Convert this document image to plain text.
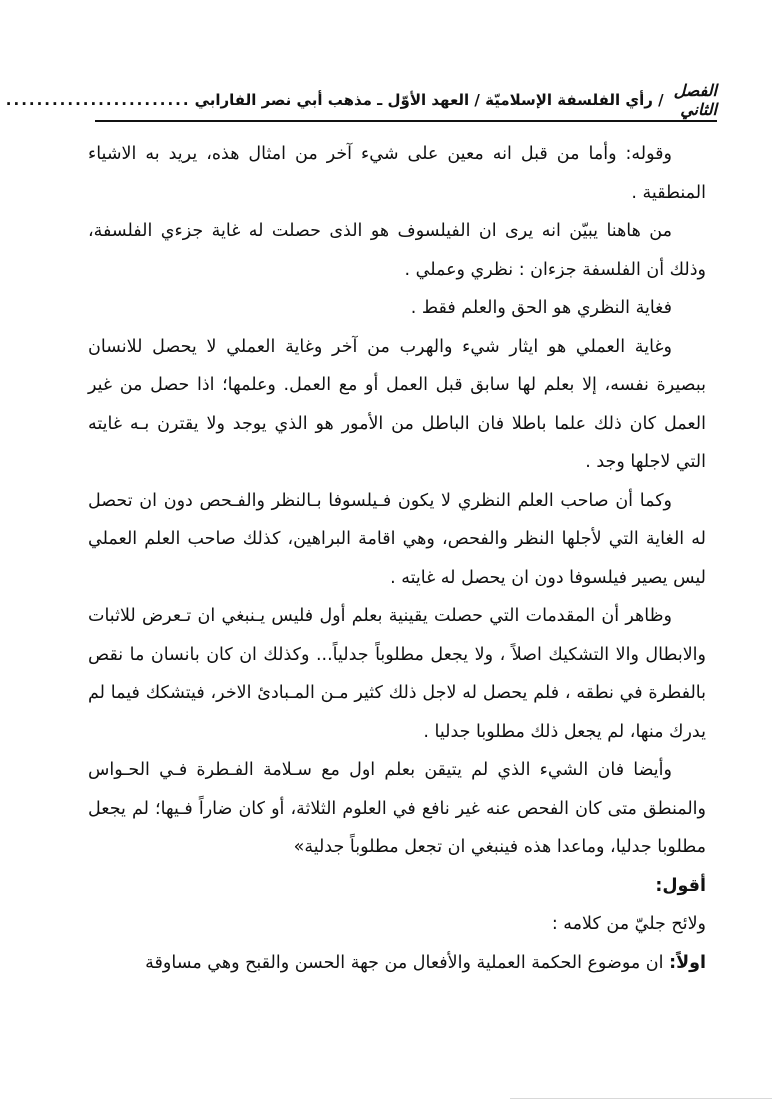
الفصل الثاني
/ رأي الفلسفة الإسلاميّة / العهد الأوّل ـ مذهب أبي نصر الفارابي
........................

وقوله: وأما من قبل انه معين على شيء آخر من امثال هذه، يريد به الاشياء المنطقية .

من هاهنا يبيّن انه يرى ان الفيلسوف هو الذى حصلت له غاية جزءي الفلسفة، وذلك أن الفلسفة جزءان : نظري وعملي .

فغاية النظري هو الحق والعلم فقط .

وغاية العملي هو ايثار شيء والهرب من آخر وغاية العملي لا يحصل للانسان ببصيرة نفسه، إلا بعلم لها سابق قبل العمل أو مع العمل. وعلمها؛ اذا حصل من غير العمل كان ذلك علما باطلا فان الباطل من الأمور هو الذي يوجد ولا يقترن بـه غايته التي لاجلها وجد .

وكما أن صاحب العلم النظري لا يكون فـيلسوفا بـالنظر والفـحص دون ان تحصل له الغاية التي لأجلها النظر والفحص، وهي اقامة البراهين، كذلك صاحب العلم العملي ليس يصير فيلسوفا دون ان يحصل له غايته .

وظاهر أن المقدمات التي حصلت يقينية بعلم أول فليس يـنبغي ان تـعرض للاثبات والابطال والا التشكيك اصلاً ، ولا يجعل مطلوباً جدلياً... وكذلك ان كان بانسان ما نقص بالفطرة في نطقه ، فلم يحصل له لاجل ذلك كثير مـن المـبادئ الاخر، فيتشكك فيما لم يدرك منها، لم يجعل ذلك مطلوبا جدليا .

وأيضا فان الشيء الذي لم يتيقن بعلم اول مع سـلامة الفـطرة فـي الحـواس والمنطق متى كان الفحص عنه غير نافع في العلوم الثلاثة، أو كان ضاراً فـيها؛ لم يجعل مطلوبا جدليا، وماعدا هذه فينبغي ان تجعل مطلوباً جدلية»

أقول:

ولائح جليّ من كلامه :

اولاً: ان موضوع الحكمة العملية والأفعال من جهة الحسن والقبح وهي مساوقة
